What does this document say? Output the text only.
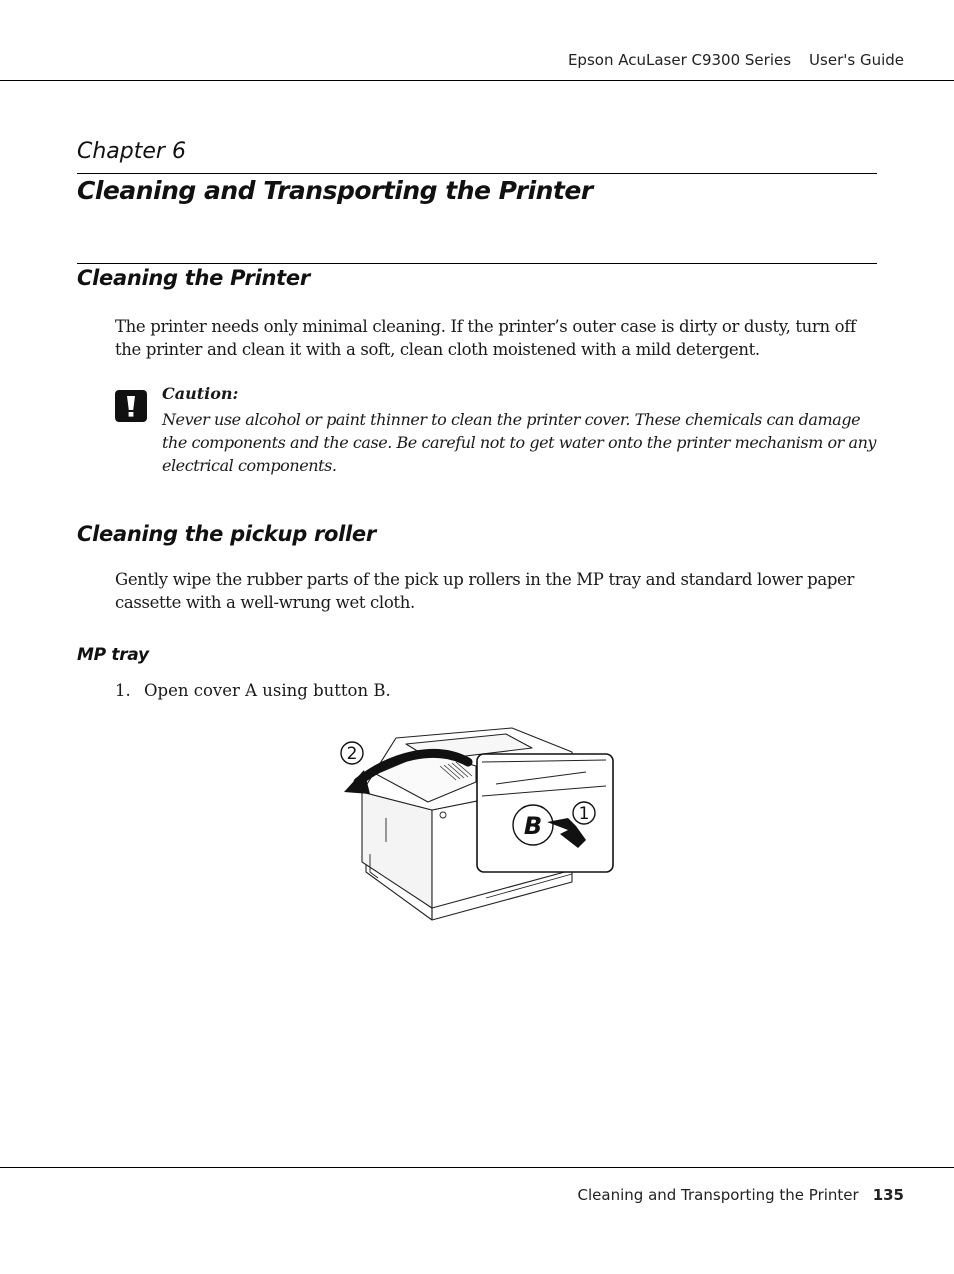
Epson AcuLaser C9300 Series User's Guide
Chapter 6
Cleaning and Transporting the Printer
Cleaning the Printer
The printer needs only minimal cleaning. If the printer’s outer case is dirty or dusty, turn off the printer and clean it with a soft, clean cloth moistened with a mild detergent.
Caution:
Never use alcohol or paint thinner to clean the printer cover. These chemicals can damage the components and the case. Be careful not to get water onto the printer mechanism or any electrical components.
Cleaning the pickup roller
Gently wipe the rubber parts of the pick up rollers in the MP tray and standard lower paper cassette with a well-wrung wet cloth.
MP tray
1. Open cover A using button B.
2
B 1
Cleaning and Transporting the Printer 135
